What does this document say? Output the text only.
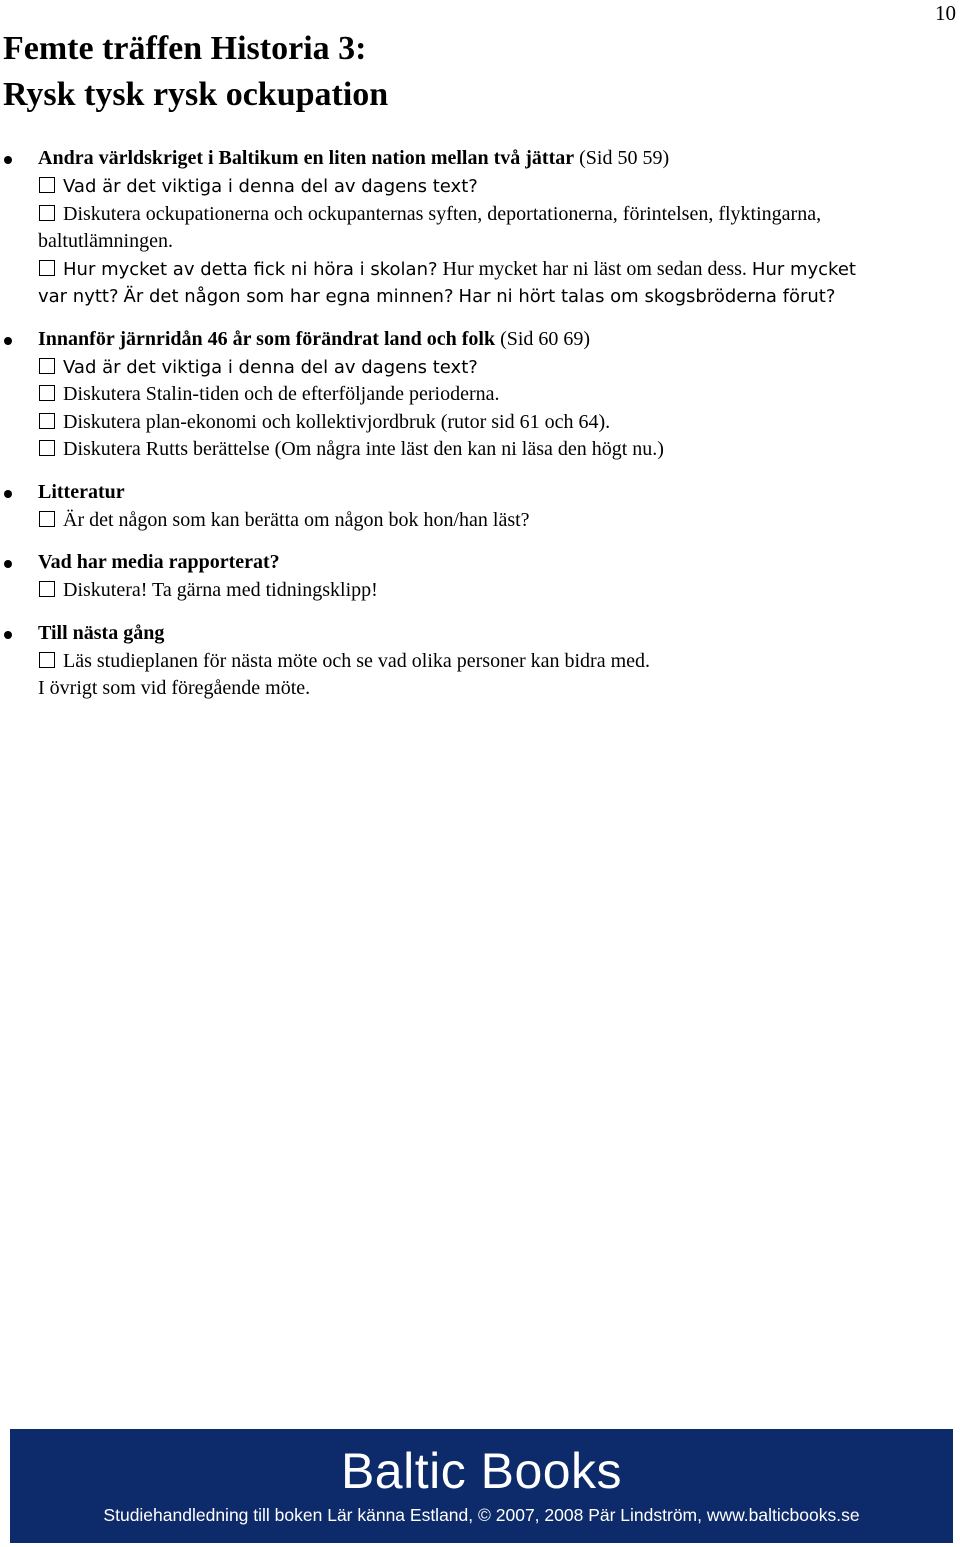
10
Femte träffen Historia 3:
Rysk tysk rysk ockupation
Andra världskriget i Baltikum en liten nation mellan två jättar (Sid 50 59)
Vad är det viktiga i denna del av dagens text?
Diskutera ockupationerna och ockupanternas syften, deportationerna, förintelsen, flyktingarna,
baltutlämningen.
Hur mycket av detta fick ni höra i skolan? Hur mycket har ni läst om sedan dess. Hur mycket
var nytt? Är det någon som har egna minnen? Har ni hört talas om skogsbröderna förut?
Innanför järnridån 46 år som förändrat land och folk (Sid 60 69)
Vad är det viktiga i denna del av dagens text?
Diskutera Stalin-tiden och de efterföljande perioderna.
Diskutera plan-ekonomi och kollektivjordbruk (rutor sid 61 och 64).
Diskutera Rutts berättelse (Om några inte läst den kan ni läsa den högt nu.)
Litteratur
Är det någon som kan berätta om någon bok hon/han läst?
Vad har media rapporterat?
Diskutera! Ta gärna med tidningsklipp!
Till nästa gång
Läs studieplanen för nästa möte och se vad olika personer kan bidra med.
I övrigt som vid föregående möte.
Baltic Books
Studiehandledning till boken Lär känna Estland, © 2007, 2008 Pär Lindström, www.balticbooks.se
